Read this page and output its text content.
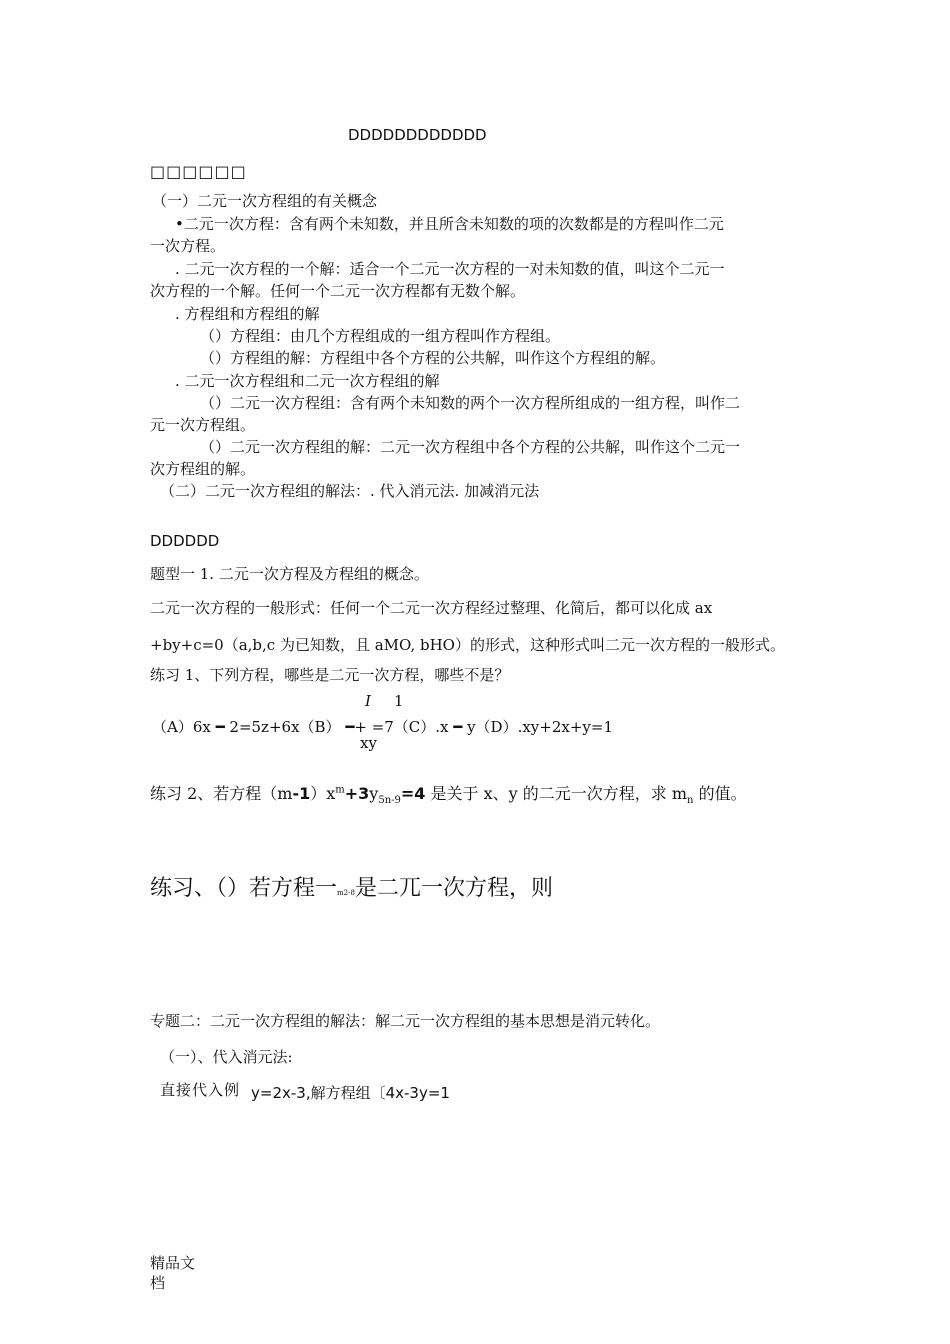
DDDDDDDDDDDD
□□□□□□
（一）二元一次方程组的有关概念
•二元一次方程：含有两个未知数，并且所含未知数的项的次数都是的方程叫作二元
一次方程。
. 二元一次方程的一个解：适合一个二元一次方程的一对未知数的值，叫这个二元一
次方程的一个解。任何一个二元一次方程都有无数个解。
. 方程组和方程组的解
（）方程组：由几个方程组成的一组方程叫作方程组。
（）方程组的解：方程组中各个方程的公共解，叫作这个方程组的解。
. 二元一次方程组和二元一次方程组的解
（）二元一次方程组：含有两个未知数的两个一次方程所组成的一组方程，叫作二
元一次方程组。
（）二元一次方程组的解：二元一次方程组中各个方程的公共解，叫作这个二元一
次方程组的解。
（二）二元一次方程组的解法：. 代入消元法. 加减消元法
DDDDDD
题型一 1. 二元一次方程及方程组的概念。
二元一次方程的一般形式：任何一个二元一次方程经过整理、化简后，都可以化成 ax
+by+c=0（a,b,c 为已知数，且 aMO, bHO）的形式，这种形式叫二元一次方程的一般形式。
练习 1、下列方程，哪些是二元一次方程，哪些不是？
I 1
（A）6x ━ 2=5z+6x（B） ━+ =7（C）.x ━ y（D）.xy+2x+y=1
xy
练习 2、若方程$(m-1)x^m+3y_{5n-9}=4$ 是关于 x、y 的二元一次方程，求 $m_n$ 的值。
练习、（）若方程一m2-8是二兀一次方程，则
专题二：二元一次方程组的解法：解二元一次方程组的基本思想是消元转化。
（一）、代入消元法:
直接代入例 y=2x-3,解方程组〔4x-3y=1
精品文
档
